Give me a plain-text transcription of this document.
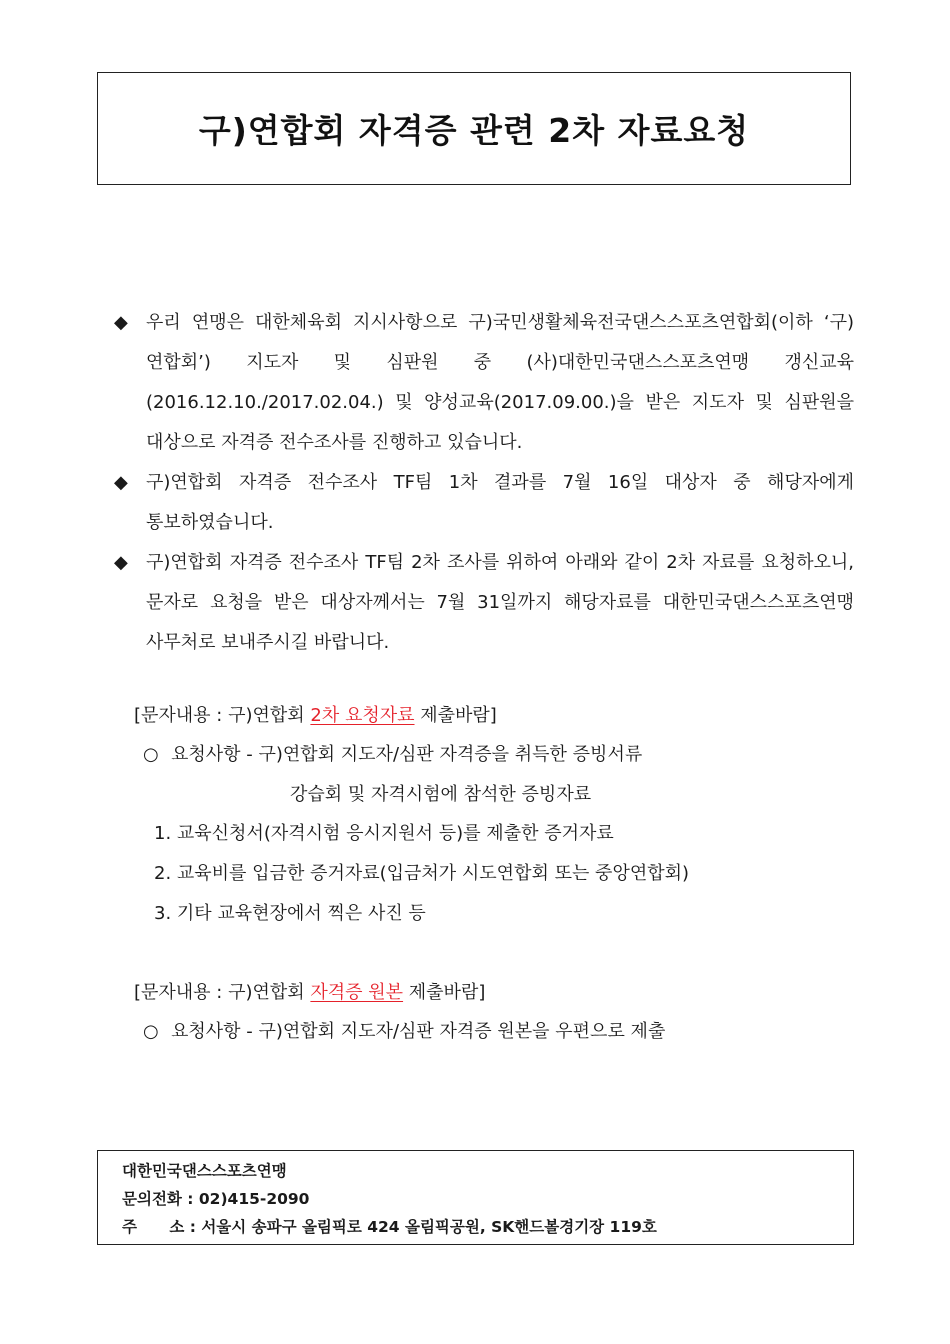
구)연합회 자격증 관련 2차 자료요청
◆	우리 연맹은 대한체육회 지시사항으로 구)국민생활체육전국댄스스포츠연합회(이하 ‘구)연합회’) 지도자 및 심판원 중 (사)대한민국댄스스포츠연맹 갱신교육(2016.12.10./2017.02.04.) 및 양성교육(2017.09.00.)을 받은 지도자 및 심판원을 대상으로 자격증 전수조사를 진행하고 있습니다.
◆	구)연합회 자격증 전수조사 TF팀 1차 결과를 7월 16일 대상자 중 해당자에게 통보하였습니다.
◆	구)연합회 자격증 전수조사 TF팀 2차 조사를 위하여 아래와 같이 2차 자료를 요청하오니, 문자로 요청을 받은 대상자께서는 7월 31일까지 해당자료를 대한민국댄스스포츠연맹 사무처로 보내주시길 바랍니다.
[문자내용 : 구)연합회 2차 요청자료 제출바람]
○ 요청사항 - 구)연합회 지도자/심판 자격증을 취득한 증빙서류
강습회 및 자격시험에 참석한 증빙자료
1. 교육신청서(자격시험 응시지원서 등)를 제출한 증거자료
2. 교육비를 입금한 증거자료(입금처가 시도연합회 또는 중앙연합회)
3. 기타 교육현장에서 찍은 사진 등
[문자내용 : 구)연합회 자격증 원본 제출바람]
○ 요청사항 - 구)연합회 지도자/심판 자격증 원본을 우편으로 제출
대한민국댄스스포츠연맹
문의전화 : 02)415-2090
주      소 : 서울시 송파구 올림픽로 424 올림픽공원, SK핸드볼경기장 119호
